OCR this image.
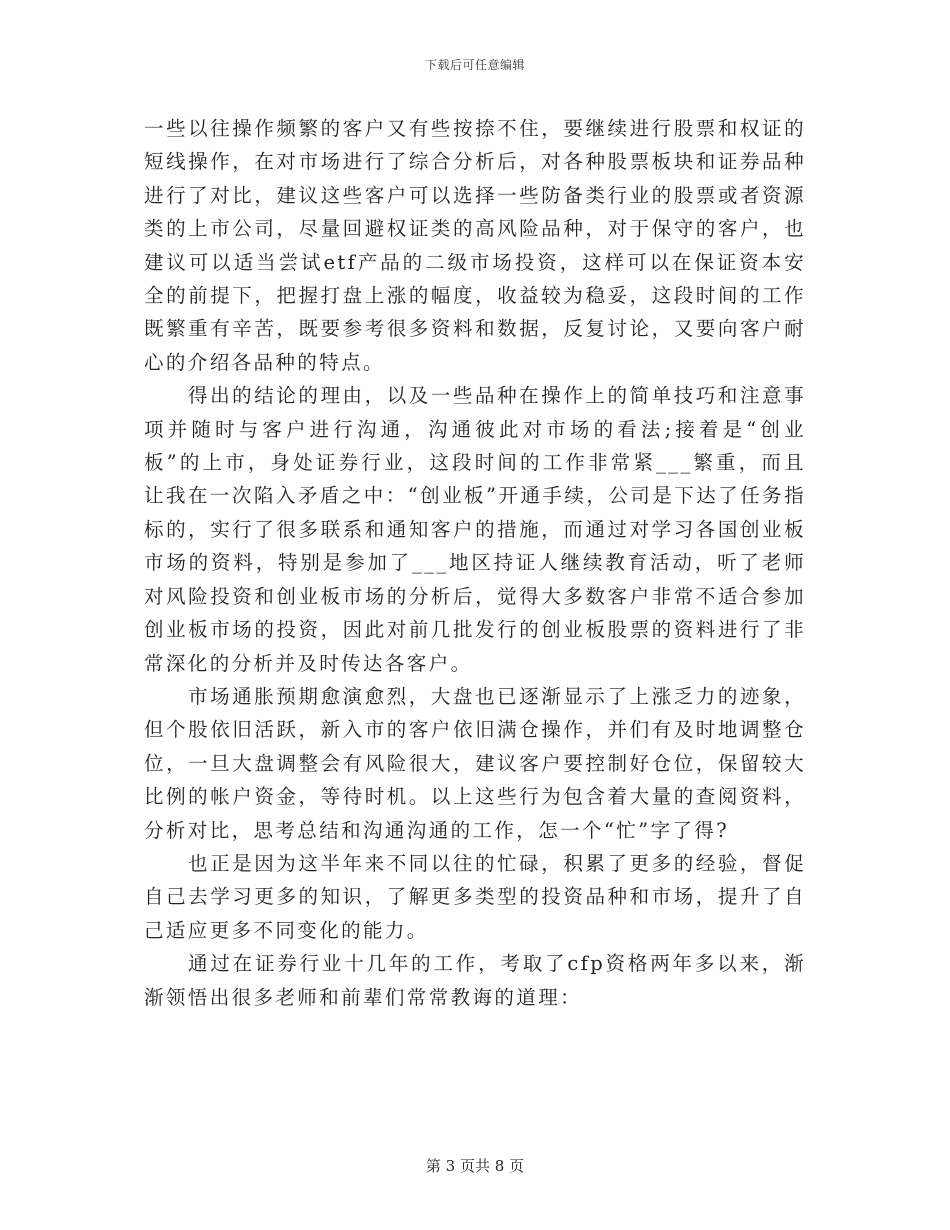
下载后可任意编辑

一些以往操作频繁的客户又有些按捺不住，要继续进行股票和权证的短线操作，在对市场进行了综合分析后，对各种股票板块和证券品种进行了对比，建议这些客户可以选择一些防备类行业的股票或者资源类的上市公司，尽量回避权证类的高风险品种，对于保守的客户，也建议可以适当尝试etf产品的二级市场投资，这样可以在保证资本安全的前提下，把握打盘上涨的幅度，收益较为稳妥，这段时间的工作既繁重有辛苦，既要参考很多资料和数据，反复讨论，又要向客户耐心的介绍各品种的特点。

得出的结论的理由，以及一些品种在操作上的简单技巧和注意事项并随时与客户进行沟通，沟通彼此对市场的看法;接着是“创业板”的上市，身处证券行业，这段时间的工作非常紧___繁重，而且让我在一次陷入矛盾之中：“创业板”开通手续，公司是下达了任务指标的，实行了很多联系和通知客户的措施，而通过对学习各国创业板市场的资料，特别是参加了___地区持证人继续教育活动，听了老师对风险投资和创业板市场的分析后，觉得大多数客户非常不适合参加创业板市场的投资，因此对前几批发行的创业板股票的资料进行了非常深化的分析并及时传达各客户。

市场通胀预期愈演愈烈，大盘也已逐渐显示了上涨乏力的迹象，但个股依旧活跃，新入市的客户依旧满仓操作，并们有及时地调整仓位，一旦大盘调整会有风险很大，建议客户要控制好仓位，保留较大比例的帐户资金，等待时机。以上这些行为包含着大量的查阅资料，分析对比，思考总结和沟通沟通的工作，怎一个“忙”字了得?

也正是因为这半年来不同以往的忙碌，积累了更多的经验，督促自己去学习更多的知识，了解更多类型的投资品种和市场，提升了自己适应更多不同变化的能力。

通过在证券行业十几年的工作，考取了cfp资格两年多以来，渐渐领悟出很多老师和前辈们常常教诲的道理：

第 3 页共 8 页
